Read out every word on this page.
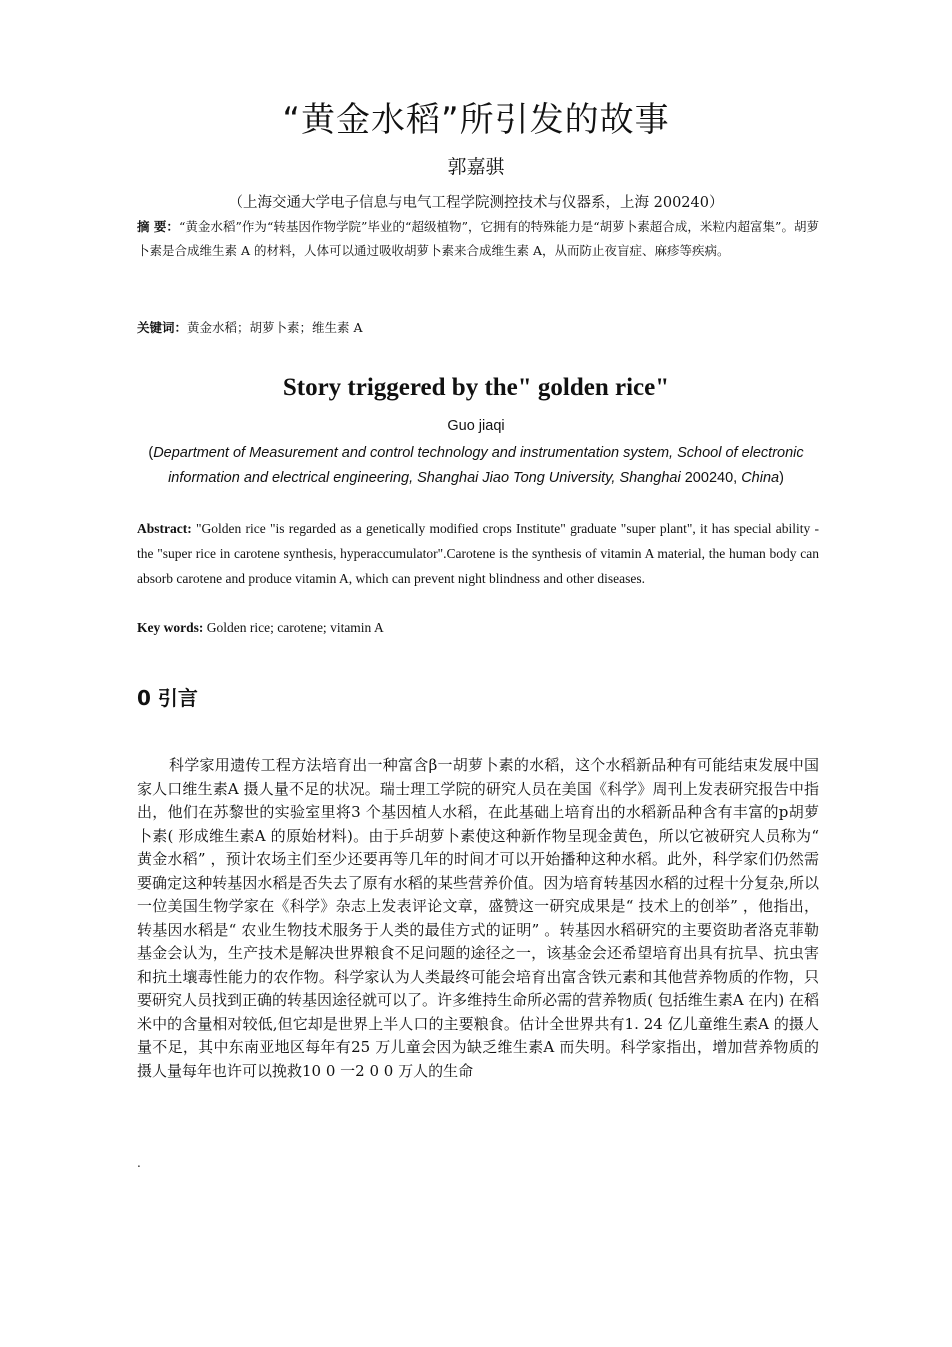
“黄金水稻”所引发的故事
郭嘉骐
（上海交通大学电子信息与电气工程学院测控技术与仪器系，上海 200240）
摘 要：“黄金水稻”作为“转基因作物学院”毕业的“超级植物”，它拥有的特殊能力是“胡萝卜素超合成，米粒内超富集”。胡萝卜素是合成维生素 A 的材料，人体可以通过吸收胡萝卜素来合成维生素 A，从而防止夜盲症、麻疹等疾病。
关键词：黄金水稻；胡萝卜素；维生素 A
Story triggered by the" golden rice"
Guo jiaqi
(Department of Measurement and control technology and instrumentation system, School of electronic information and electrical engineering, Shanghai Jiao Tong University, Shanghai 200240, China)
Abstract: "Golden rice "is regarded as a genetically modified crops Institute" graduate "super plant", it has special ability - the "super rice in carotene synthesis, hyperaccumulator".Carotene is the synthesis of vitamin A material, the human body can absorb carotene and produce vitamin A, which can prevent night blindness and other diseases.
Key words: Golden rice; carotene; vitamin A
0 引言
科学家用遗传工程方法培育出一种富含β一胡萝卜素的水稻，这个水稻新品种有可能结束发展中国家人口维生素A 摄人量不足的状况。瑞士理工学院的研究人员在美国《科学》周刊上发表研究报告中指出，他们在苏黎世的实验室里将3 个基因植人水稻，在此基础上培育出的水稻新品种含有丰富的p胡萝卜素( 形成维生素A 的原始材料)。由于乒胡萝卜素使这种新作物呈现金黄色，所以它被研究人员称为“ 黄金水稻” ，预计农场主们至少还要再等几年的时间才可以开始播种这种水稻。此外，科学家们仍然需要确定这种转基因水稻是否失去了原有水稻的某些营养价值。因为培育转基因水稻的过程十分复杂,所以一位美国生物学家在《科学》杂志上发表评论文章，盛赞这一研究成果是“ 技术上的创举” ，他指出，转基因水稻是“ 农业生物技术服务于人类的最佳方式的证明” 。转基因水稻研究的主要资助者洛克菲勒基金会认为，生产技术是解决世界粮食不足问题的途径之一，该基金会还希望培育出具有抗旱、抗虫害和抗土壤毒性能力的农作物。科学家认为人类最终可能会培育出富含铁元素和其他营养物质的作物，只要研究人员找到正确的转基因途径就可以了。许多维持生命所必需的营养物质( 包括维生素A 在内) 在稻米中的含量相对较低,但它却是世界上半人口的主要粮食。估计全世界共有1. 24 亿儿童维生素A 的摄人量不足，其中东南亚地区每年有25 万儿童会因为缺乏维生素A 而失明。科学家指出，增加营养物质的摄人量每年也许可以挽救10 0 一2 0 0 万人的生命
.
